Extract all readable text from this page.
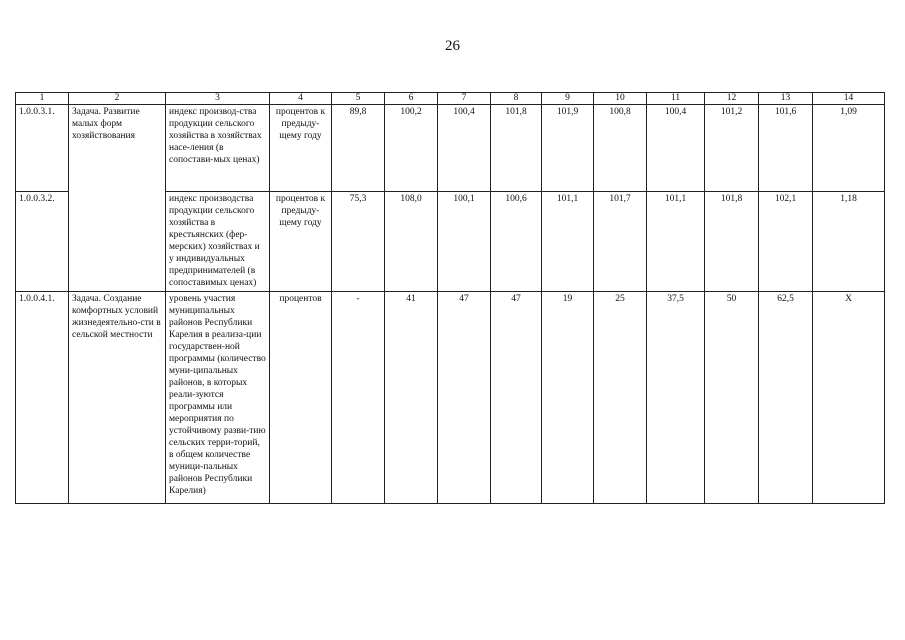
26
1	2	3	4	5	6	7	8	9	10	11	12	13	14
1.0.0.3.1.	Задача. Развитие малых форм хозяйствования	индекс производ-ства продукции сельского хозяйства в хозяйствах насе-ления (в сопостави-мых ценах)	процентов к предыду-щему году	89,8	100,2	100,4	101,8	101,9	100,8	100,4	101,2	101,6	1,09
1.0.0.3.2.		индекс производства продукции сельского хозяйства в крестьянских (фер-мерских) хозяйствах и у индивидуальных предпринимателей (в сопоставимых ценах)	процентов к предыду-щему году	75,3	108,0	100,1	100,6	101,1	101,7	101,1	101,8	102,1	1,18
1.0.0.4.1.	Задача. Создание комфортных условий жизнедеятельно-сти в сельской местности	уровень участия муниципальных районов Республики Карелия в реализа-ции государствен-ной программы (количество муни-ципальных районов, в которых реали-зуются программы или мероприятия по устойчивому разви-тию сельских терри-торий, в общем количестве муници-пальных районов Республики Карелия)	процентов	-	41	47	47	19	25	37,5	50	62,5	Х
